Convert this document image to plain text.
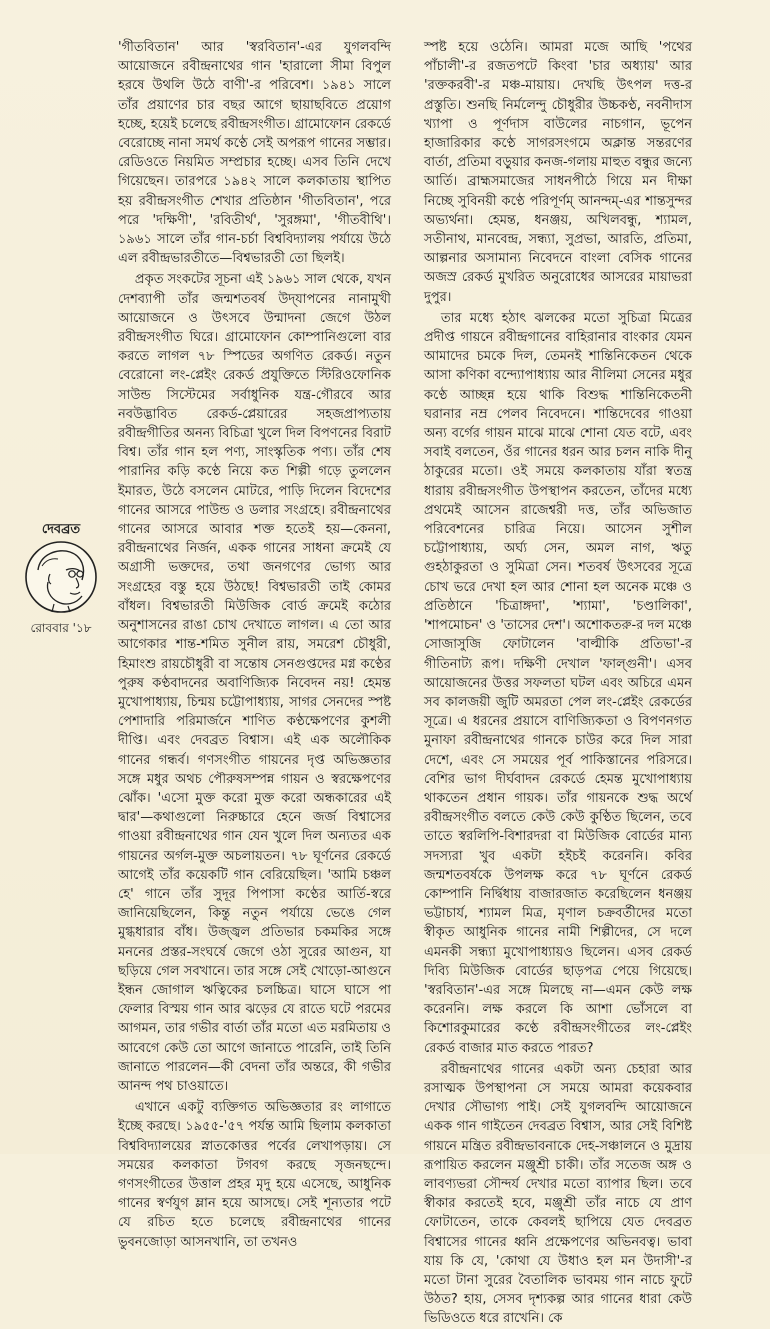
'গীতবিতান' আর 'স্বরবিতান'-এর যুগলবন্দি আয়োজনে রবীন্দ্রনাথের গান 'হারালো সীমা বিপুল হরষে উথলি উঠে বাণী'-র পরিবেশ। ১৯৪১ সালে তাঁর প্রয়াণের চার বছর আগে ছায়াছবিতে প্রয়োগ হচ্ছে, হয়েই চলেছে রবীন্দ্রসংগীত। গ্রামোফোন রেকর্ডে বেরোচ্ছে নানা সমর্থ কণ্ঠে সেই অপরূপ গানের সম্ভার। রেডিওতে নিয়মিত সম্প্রচার হচ্ছে। এসব তিনি দেখে গিয়েছেন। তারপরে ১৯৪২ সালে কলকাতায় স্থাপিত হয় রবীন্দ্রসংগীত শেখার প্রতিষ্ঠান 'গীতবিতান', পরে পরে 'দক্ষিণী', 'রবিতীর্থ', 'সুরঙ্গমা', 'গীতবীথি'। ১৯৬১ সালে তাঁর গান-চর্চা বিশ্ববিদ্যালয় পর্যায়ে উঠে এল রবীন্দ্রভারতীতে—বিশ্বভারতী তো ছিলই।

প্রকৃত সংকটের সূচনা এই ১৯৬১ সাল থেকে, যখন দেশব্যাপী তাঁর জন্মশতবর্ষ উদ্‌যাপনের নানামুখী আয়োজনে ও উৎসবে উন্মাদনা জেগে উঠল রবীন্দ্রসংগীত ঘিরে। গ্রামোফোন কোম্পানিগুলো বার করতে লাগল ৭৮ স্পিডের অগণিত রেকর্ড। নতুন বেরোনো লং-প্লেইং রেকর্ড প্রযুক্তিতে স্টিরিওফোনিক সাউন্ড সিস্টেমের সর্বাধুনিক যন্ত্র-গৌরবে আর নবউদ্ভাবিত রেকর্ড-প্লেয়ারের সহজপ্রাপ্যতায় রবীন্দ্রগীতির অনন্য বিচিত্রা খুলে দিল বিপণনের বিরাট বিশ্ব। তাঁর গান হল পণ্য, সাংস্কৃতিক পণ্য। তাঁর শেষ পারানির কড়ি কণ্ঠে নিয়ে কত শিল্পী গড়ে তুললেন ইমারত, উঠে বসলেন মোটরে, পাড়ি দিলেন বিদেশের গানের আসরে পাউন্ড ও ডলার সংগ্রহে। রবীন্দ্রনাথের গানের আসরে আবার শক্ত হতেই হয়—কেননা, রবীন্দ্রনাথের নির্জন, একক গানের সাধনা ক্রমেই যে অগ্রাসী ভক্তদের, তথা জনগণের ভোগ্য আর সংগ্রহের বস্তু হয়ে উঠছে! বিশ্বভারতী তাই কোমর বাঁধল। বিশ্বভারতী মিউজিক বোর্ড ক্রমেই কঠোর অনুশাসনের রাঙা চোখ দেখাতে লাগল। এ তো আর আগেকার শান্ত-শমিত সুনীল রায়, সমরেশ চৌধুরী, হিমাংশু রায়চৌধুরী বা সন্তোষ সেনগুপ্তদের মগ্ন কণ্ঠের পুরুষ কণ্ঠবাদনের অবাণিজ্যিক নিবেদন নয়! হেমন্ত মুখোপাধ্যায়, চিন্ময় চট্টোপাধ্যায়, সাগর সেনদের স্পষ্ট পেশাদারি পরিমার্জনে শাণিত কণ্ঠক্ষেপণের কুশলী দীপ্তি। এবং দেবব্রত বিশ্বাস। এই এক অলৌকিক গানের গন্ধর্ব। গণসংগীত গায়নের দৃপ্ত অভিজ্ঞতার সঙ্গে মধুর অথচ পৌরুষসম্পন্ন গায়ন ও স্বরক্ষেপণের ঝোঁক। 'এসো মুক্ত করো মুক্ত করো অন্ধকারের এই দ্বার'—কথাগুলো নিরুচ্চারে হেনে জর্জ বিশ্বাসের গাওয়া রবীন্দ্রনাথের গান যেন খুলে দিল অন্যতর এক গায়নের অর্গল-মুক্ত অচলায়তন। ৭৮ ঘূর্ণনের রেকর্ডে আগেই তাঁর কয়েকটি গান বেরিয়েছিল। 'আমি চঞ্চল হে' গানে তাঁর সুদূর পিপাসা কণ্ঠের আর্তি-স্বরে জানিয়েছিলেন, কিন্তু নতুন পর্যায়ে ভেঙে গেল মুগ্ধধারার বাঁধ। উজ্জ্বল প্রতিভার চকমকির সঙ্গে মননের প্রস্তর-সংঘর্ষে জেগে ওঠা সুরের আগুন, যা ছড়িয়ে গেল সবখানে। তার সঙ্গে সেই খোড়ো-আগুনে ইন্ধন জোগাল ঋত্বিকের চলচ্চিত্র। ঘাসে ঘাসে পা ফেলার বিস্ময় গান আর ঝড়ের যে রাতে ঘটে পরমের আগমন, তার গভীর বার্তা তাঁর মতো এত মরমিতায় ও আবেগে কেউ তো আগে জানাতে পারেনি, তাই তিনি জানাতে পারলেন—কী বেদনা তাঁর অন্তরে, কী গভীর আনন্দ পথ চাওয়াতে।

এখানে একটু ব্যক্তিগত অভিজ্ঞতার রং লাগাতে ইচ্ছে করছে। ১৯৫৫-'৫৭ পর্যন্ত আমি ছিলাম কলকাতা বিশ্ববিদ্যালয়ের স্নাতকোত্তর পর্বের লেখাপড়ায়। সে সময়ের কলকাতা টগবগ করছে সৃজনছন্দে। গণসংগীতের উত্তাল প্রহর মৃদু হয়ে এসেছে, আধুনিক গানের স্বর্ণযুগ ম্লান হয়ে আসছে। সেই শূন্যতার পটে যে রচিত হতে চলেছে রবীন্দ্রনাথের গানের ভুবনজোড়া আসনখানি, তা তখনও

দেবব্রত
রোববার '১৮

স্পষ্ট হয়ে ওঠেনি। আমরা মজে আছি 'পথের পাঁচালী'-র রজতপটে কিংবা 'চার অধ্যায়' আর 'রক্তকরবী'-র মঞ্চ-মায়ায়। দেখছি উৎপল দত্ত-র প্রস্তুতি। শুনছি নির্মলেন্দু চৌধুরীর উচ্চকণ্ঠ, নবনীদাস খ্যাপা ও পূর্ণদাস বাউলের নাচগান, ভূপেন হাজারিকার কণ্ঠে সাগরসংগমে অক্লান্ত সন্তরণের বার্তা, প্রতিমা বড়ুয়ার কনজ-গলায় মাহুত বন্ধুর জন্যে আর্তি। ব্রাহ্মসমাজের সাধনপীঠে গিয়ে মন দীক্ষা নিচ্ছে সুবিনয়ী কণ্ঠে পরিপূর্ণম্‌ আনন্দম্‌-এর শান্তসুন্দর অভ্যর্থনা। হেমন্ত, ধনঞ্জয়, অখিলবন্ধু, শ্যামল, সতীনাথ, মানবেন্দ্র, সন্ধ্যা, সুপ্রভা, আরতি, প্রতিমা, আল্পনার অসামান্য নিবেদনে বাংলা বেসিক গানের অজস্র রেকর্ড মুখরিত অনুরোধের আসরের মায়াভরা দুপুর।

তার মধ্যে হঠাৎ ঝলকের মতো সুচিত্রা মিত্রের প্রদীপ্ত গায়নে রবীন্দ্রগানের বাহিরানার বাংকার যেমন আমাদের চমকে দিল, তেমনই শান্তিনিকেতন থেকে আসা কণিকা বন্দ্যোপাধ্যায় আর নীলিমা সেনের মধুর কণ্ঠে আচ্ছন্ন হয়ে থাকি বিশুদ্ধ শান্তিনিকেতনী ঘরানার নম্র পেলব নিবেদনে। শান্তিদেবের গাওয়া অন্য বর্গের গায়ন মাঝে মাঝে শোনা যেত বটে, এবং সবাই বলতেন, ওঁর গানের ধরন আর চলন নাকি দীনু ঠাকুরের মতো। ওই সময়ে কলকাতায় যাঁরা স্বতন্ত্র ধারায় রবীন্দ্রসংগীত উপস্থাপন করতেন, তাঁদের মধ্যে প্রথমেই আসেন রাজেশ্বরী দত্ত, তাঁর অভিজাত পরিবেশনের চারিত্র নিয়ে। আসেন সুশীল চট্টোপাধ্যায়, অর্ঘ্য সেন, অমল নাগ, ঋতু গুহঠাকুরতা ও সুমিত্রা সেন। শতবর্ষ উৎসবের সূত্রে চোখ ভরে দেখা হল আর শোনা হল অনেক মঞ্চে ও প্রতিষ্ঠানে 'চিত্রাঙ্গদা', 'শ্যামা', 'চণ্ডালিকা', 'শাপমোচন' ও 'তাসের দেশ'। অশোকতরু-র দল মঞ্চে সোজাসুজি ফোটালেন 'বাল্মীকি প্রতিভা'-র গীতিনাট্য রূপ। দক্ষিণী দেখাল 'ফাল্গুনী'। এসব আয়োজনের উত্তর সফলতা ঘটল এবং অচিরে এমন সব কালজয়ী জুটি অমরতা পেল লং-প্লেইং রেকর্ডের সূত্রে। এ ধরনের প্রয়াসে বাণিজ্যিকতা ও বিপণনগত মুনাফা রবীন্দ্রনাথের গানকে চাউর করে দিল সারা দেশে, এবং সে সময়ের পূর্ব পাকিস্তানের পরিসরে। বেশির ভাগ দীর্ঘবাদন রেকর্ডে হেমন্ত মুখোপাধ্যায় থাকতেন প্রধান গায়ক। তাঁর গায়নকে শুদ্ধ অর্থে রবীন্দ্রসংগীত বলতে কেউ কেউ কুণ্ঠিত ছিলেন, তবে তাতে স্বরলিপি-বিশারদরা বা মিউজিক বোর্ডের মান্য সদস্যরা খুব একটা হইচই করেননি। কবির জন্মশতবর্ষকে উপলক্ষ করে ৭৮ ঘূর্ণনে রেকর্ড কোম্পানি নির্দ্বিধায় বাজারজাত করেছিলেন ধনঞ্জয় ভট্টাচার্য, শ্যামল মিত্র, মৃণাল চক্রবর্তীদের মতো স্বীকৃত আধুনিক গানের নামী শিল্পীদের, সে দলে এমনকী সন্ধ্যা মুখোপাধ্যায়ও ছিলেন। এসব রেকর্ড দিব্যি মিউজিক বোর্ডের ছাড়পত্র পেয়ে গিয়েছে। 'স্বরবিতান'-এর সঙ্গে মিলছে না—এমন কেউ লক্ষ করেননি। লক্ষ করলে কি আশা ভোঁসলে বা কিশোরকুমারের কণ্ঠে রবীন্দ্রসংগীতের লং-প্লেইং রেকর্ড বাজার মাত করতে পারত?

রবীন্দ্রনাথের গানের একটা অন্য চেহারা আর রসাত্মক উপস্থাপনা সে সময়ে আমরা কয়েকবার দেখার সৌভাগ্য পাই। সেই যুগলবন্দি আয়োজনে একক গান গাইতেন দেবব্রত বিশ্বাস, আর সেই বিশিষ্ট গায়নে মন্ত্রিত রবীন্দ্রভাবনাকে দেহ-সঞ্চালনে ও মুদ্রায় রূপায়িত করলেন মঞ্জুশ্রী চাকী। তাঁর সতেজ অঙ্গ ও লাবণ্যভরা সৌন্দর্য দেখার মতো ব্যাপার ছিল। তবে স্বীকার করতেই হবে, মঞ্জুশ্রী তাঁর নাচে যে প্রাণ ফোটাতেন, তাকে কেবলই ছাপিয়ে যেত দেবব্রত বিশ্বাসের গানের ধ্বনি প্রক্ষেপণের অভিনবত্ব। ভাবা যায় কি যে, 'কোথা যে উধাও হল মন উদাসী'-র মতো টানা সুরের বৈতালিক ভাবময় গান নাচে ফুটে উঠত? হায়, সেসব দৃশ্যকল্প আর গানের ধারা কেউ ভিডিওতে ধরে রাখেনি। কে
